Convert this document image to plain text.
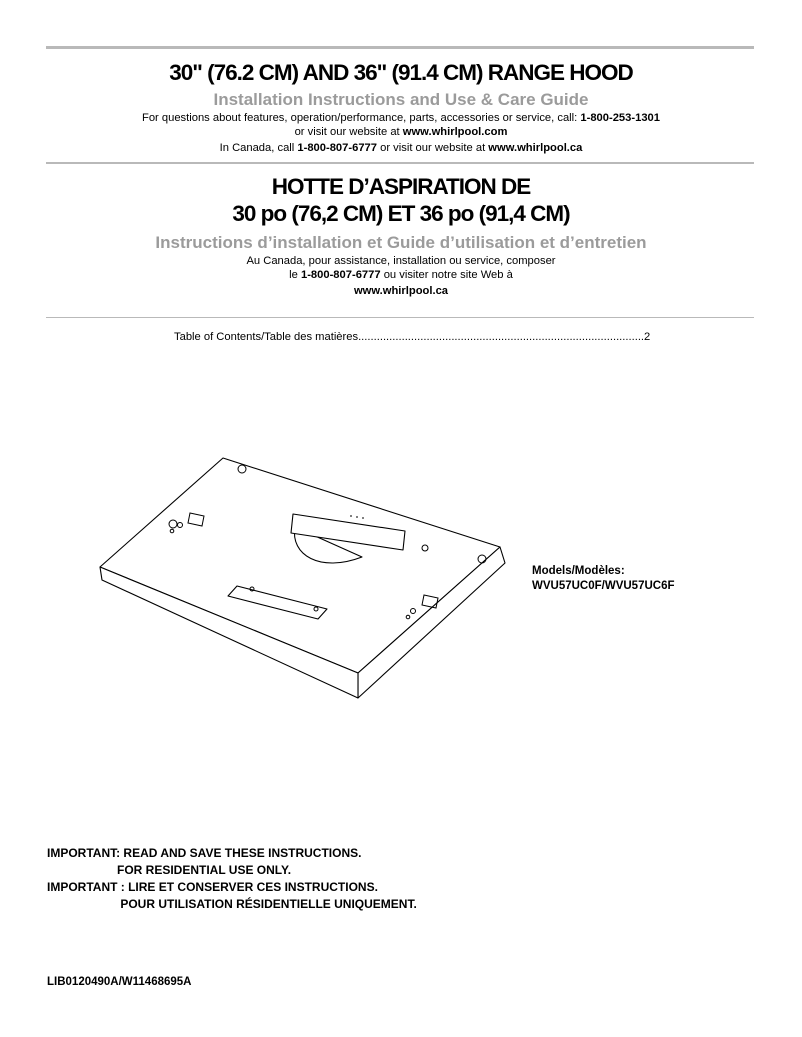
30" (76.2 CM) AND 36" (91.4 CM) RANGE HOOD
Installation Instructions and Use & Care Guide
For questions about features, operation/performance, parts, accessories or service, call: 1-800-253-1301
or visit our website at www.whirlpool.com
In Canada, call 1-800-807-6777 or visit our website at www.whirlpool.ca
HOTTE D’ASPIRATION DE
30 po (76,2 CM) ET 36 po (91,4 CM)
Instructions d’installation et Guide d’utilisation et d’entretien
Au Canada, pour assistance, installation ou service, composer
le 1-800-807-6777 ou visiter notre site Web à
www.whirlpool.ca
Table of Contents/Table des matières............................................................................................2
Models/Modèles:
WVU57UC0F/WVU57UC6F
IMPORTANT: READ AND SAVE THESE INSTRUCTIONS.
FOR RESIDENTIAL USE ONLY.
IMPORTANT : LIRE ET CONSERVER CES INSTRUCTIONS.
POUR UTILISATION RÉSIDENTIELLE UNIQUEMENT.
LIB0120490A/W11468695A
